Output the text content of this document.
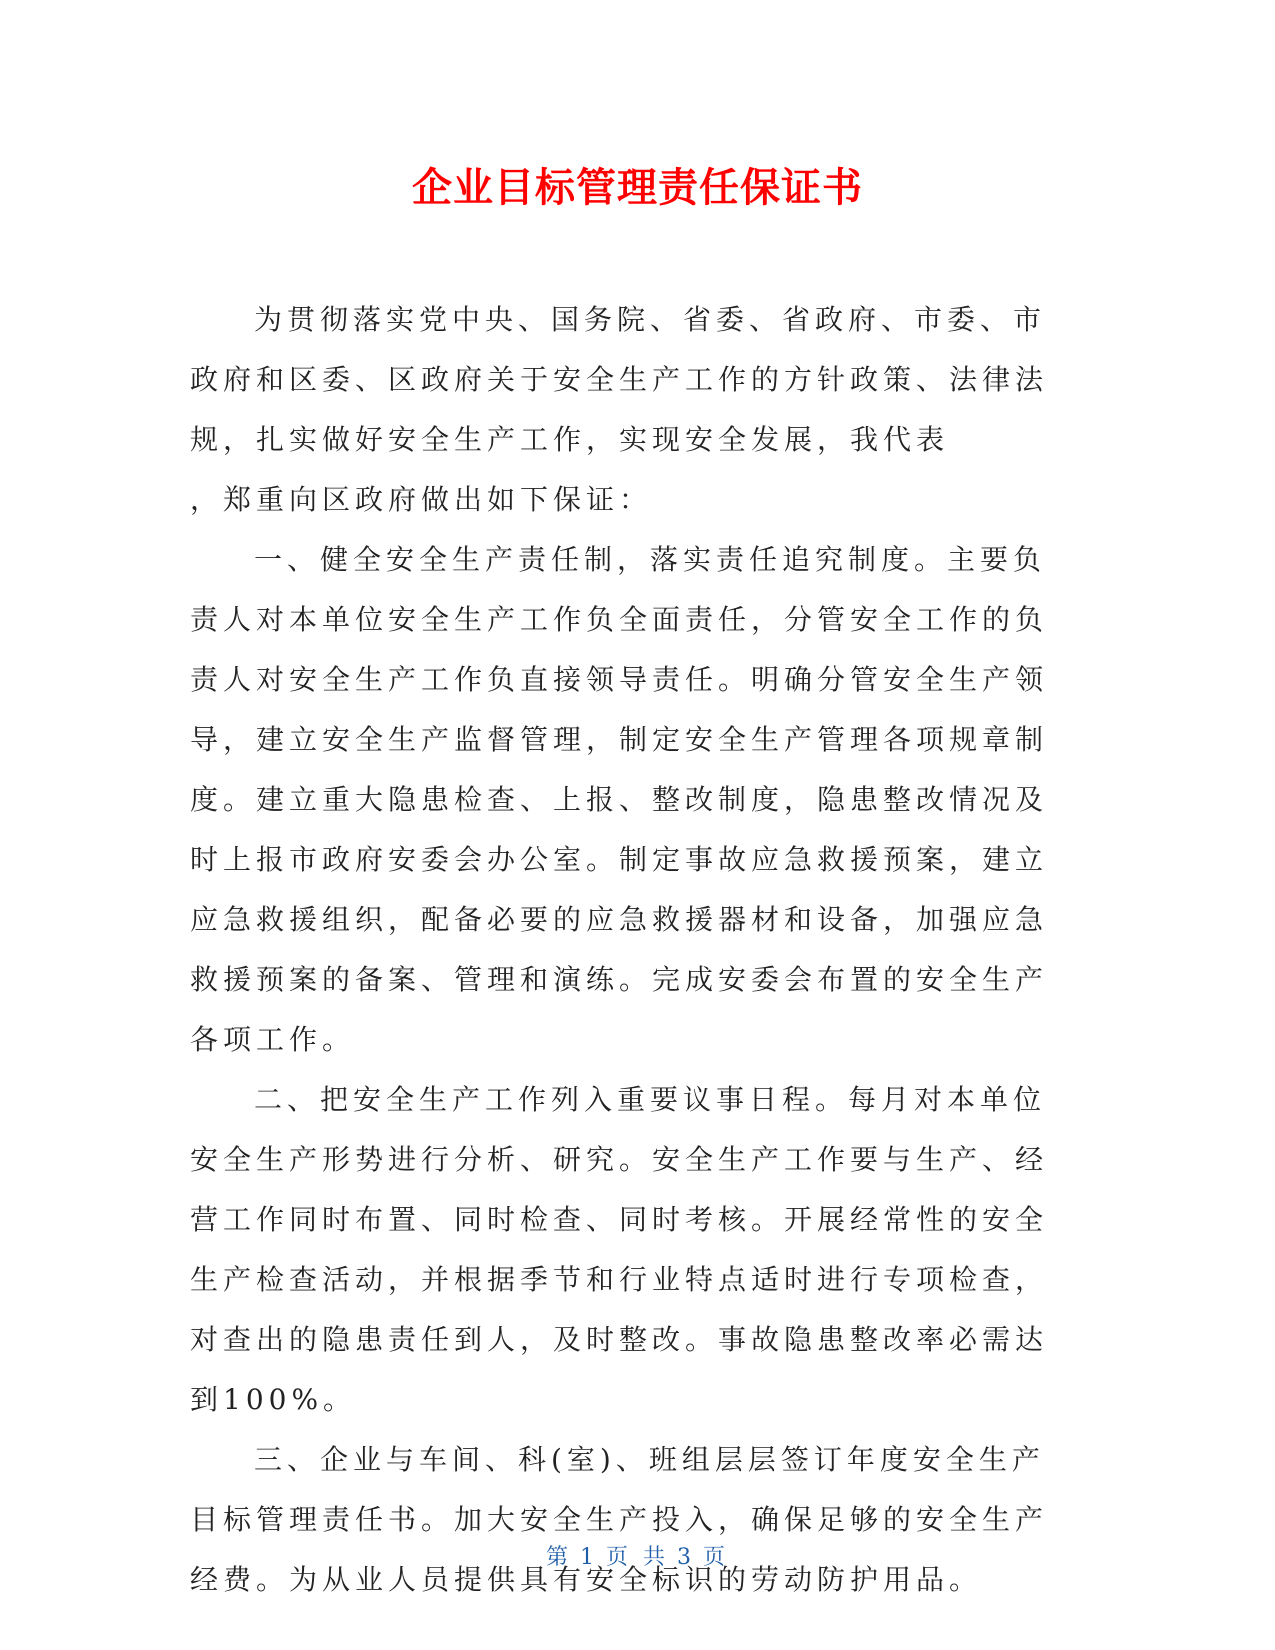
企业目标管理责任保证书

为贯彻落实党中央、国务院、省委、省政府、市委、市政府和区委、区政府关于安全生产工作的方针政策、法律法规，扎实做好安全生产工作，实现安全发展，我代表

，郑重向区政府做出如下保证：

一、健全安全生产责任制，落实责任追究制度。主要负责人对本单位安全生产工作负全面责任，分管安全工作的负责人对安全生产工作负直接领导责任。明确分管安全生产领导，建立安全生产监督管理，制定安全生产管理各项规章制度。建立重大隐患检查、上报、整改制度，隐患整改情况及时上报市政府安委会办公室。制定事故应急救援预案，建立应急救援组织，配备必要的应急救援器材和设备，加强应急救援预案的备案、管理和演练。完成安委会布置的安全生产各项工作。

二、把安全生产工作列入重要议事日程。每月对本单位安全生产形势进行分析、研究。安全生产工作要与生产、经营工作同时布置、同时检查、同时考核。开展经常性的安全生产检查活动，并根据季节和行业特点适时进行专项检查，对查出的隐患责任到人，及时整改。事故隐患整改率必需达到100%。

三、企业与车间、科(室)、班组层层签订年度安全生产目标管理责任书。加大安全生产投入，确保足够的安全生产经费。为从业人员提供具有安全标识的劳动防护用品。

第 1 页 共 3 页
